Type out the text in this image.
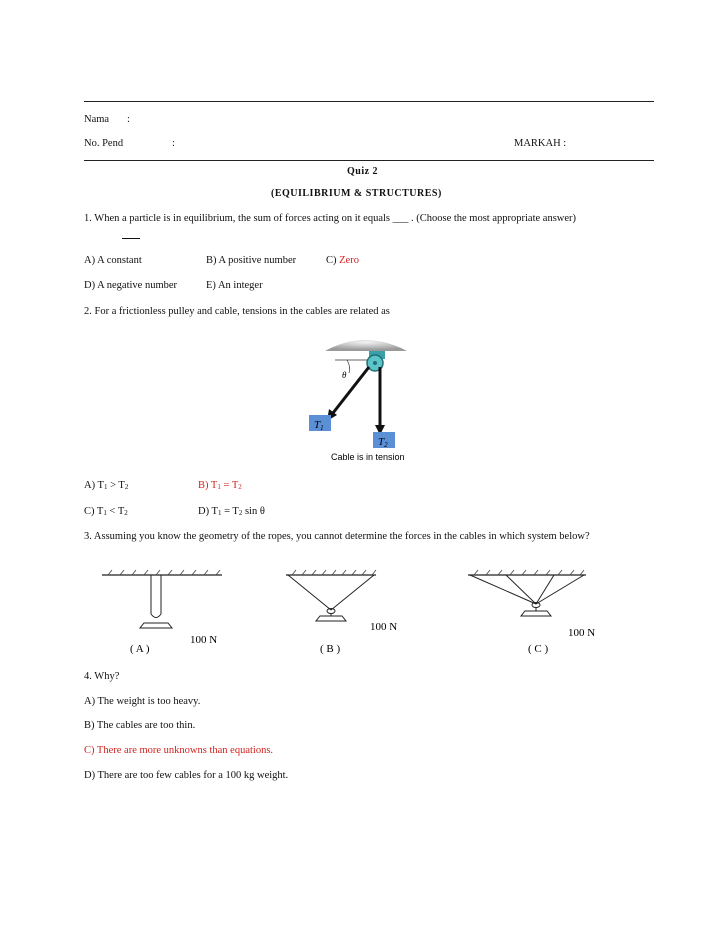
Nama :
No. Pend	:	MARKAH :
Quiz 2
(EQUILIBRIUM & STRUCTURES)
1. When a particle is in equilibrium, the sum of forces acting on it equals ___ . (Choose the most appropriate answer)
A) A constant	B) A positive number	C) Zero
D) A negative number	E) An integer
2. For a frictionless pulley and cable, tensions in the cables are related as
θ
T1
T2
Cable is in tension
A) $T_1 > T_2$	B) $T_1 = T_2$
C) $T_1 < T_2$	D) $T_1 = T_2$ sin θ
3. Assuming you know the geometry of the ropes, you cannot determine the forces in the cables in which system below?
100 N
( A )
100 N
( B )
100 N
( C )
4. Why?
A) The weight is too heavy.
B) The cables are too thin.
C) There are more unknowns than equations.
D) There are too few cables for a 100 kg weight.
